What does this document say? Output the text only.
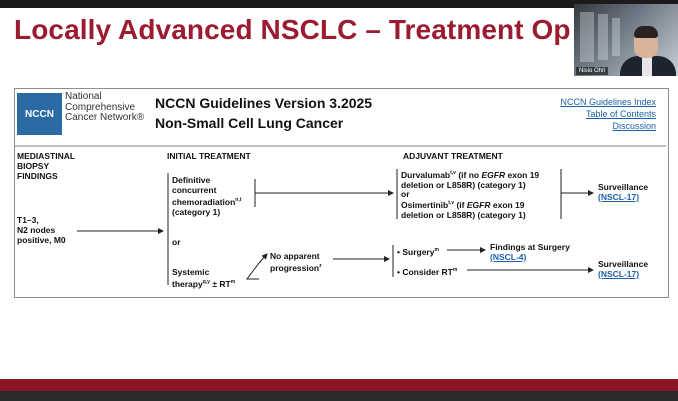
Locally Advanced NSCLC – Treatment Op
Nisio Ohri
NCCN
National Comprehensive Cancer Network®
NCCN Guidelines Version 3.2025
Non-Small Cell Lung Cancer
NCCN Guidelines Index
Table of Contents
Discussion
MEDIASTINAL
BIOPSY
FINDINGS
INITIAL TREATMENT	ADJUVANT TREATMENT
T1–3,
N2 nodes
positive, M0
Definitive
concurrent
chemoradiation$^{n,t}$
(category 1)
or
Systemic
therapy$^{q,y}$ ± $RT^m$
No apparent
progression$^z$
Durvalumab$^{t,v}$ (if no EGFR exon 19
deletion or L858R) (category 1)
or
Osimertinib$^{t,v}$ (if EGFR exon 19
deletion or L858R) (category 1)
• Surgery$^m$
• Consider $RT^m$
Findings at Surgery
(NSCL-4)
Surveillance
(NSCL-17)
Surveillance
(NSCL-17)
